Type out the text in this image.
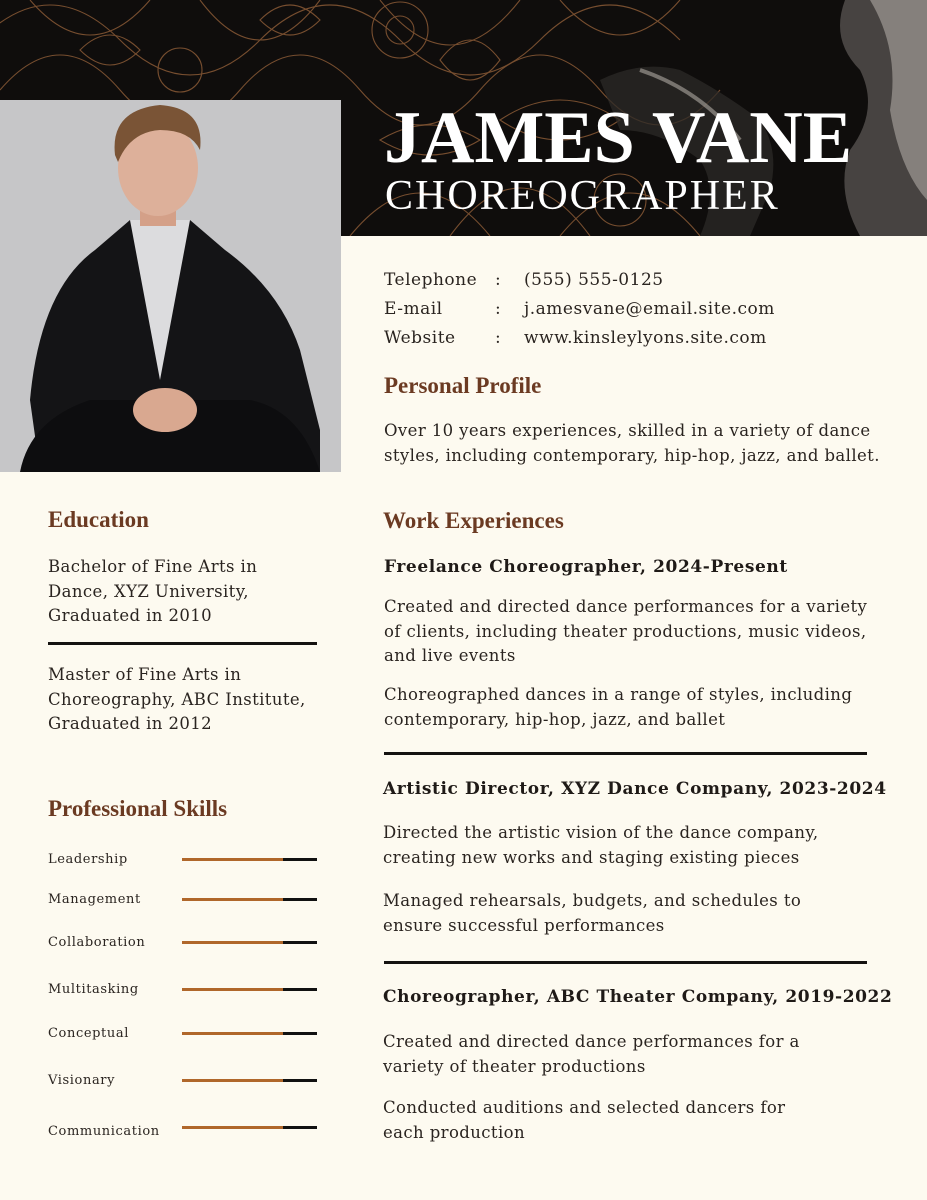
JAMES VANE
CHOREOGRAPHER
Telephone : (555) 555-0125
E-mail	: j.amesvane@email.site.com
Website : www.kinsleylyons.site.com
Personal Profile

Over 10 years experiences, skilled in a variety of dance styles, including contemporary, hip-hop, jazz, and ballet.

Education

Bachelor of Fine Arts in Dance, XYZ University, Graduated in 2010

Master of Fine Arts in Choreography, ABC Institute, Graduated in 2012

Professional Skills
Leadership
Management
Collaboration
Multitasking
Conceptual
Visionary
Communication
Work Experiences
Freelance Choreographer, 2024-Present

Created and directed dance performances for a variety of clients, including theater productions, music videos, and live events

Choreographed dances in a range of styles, including contemporary, hip-hop, jazz, and ballet

Artistic Director, XYZ Dance Company, 2023-2024

Directed the artistic vision of the dance company, creating new works and staging existing pieces

Managed rehearsals, budgets, and schedules to ensure successful performances

Choreographer, ABC Theater Company, 2019-2022

Created and directed dance performances for a variety of theater productions

Conducted auditions and selected dancers for each production
